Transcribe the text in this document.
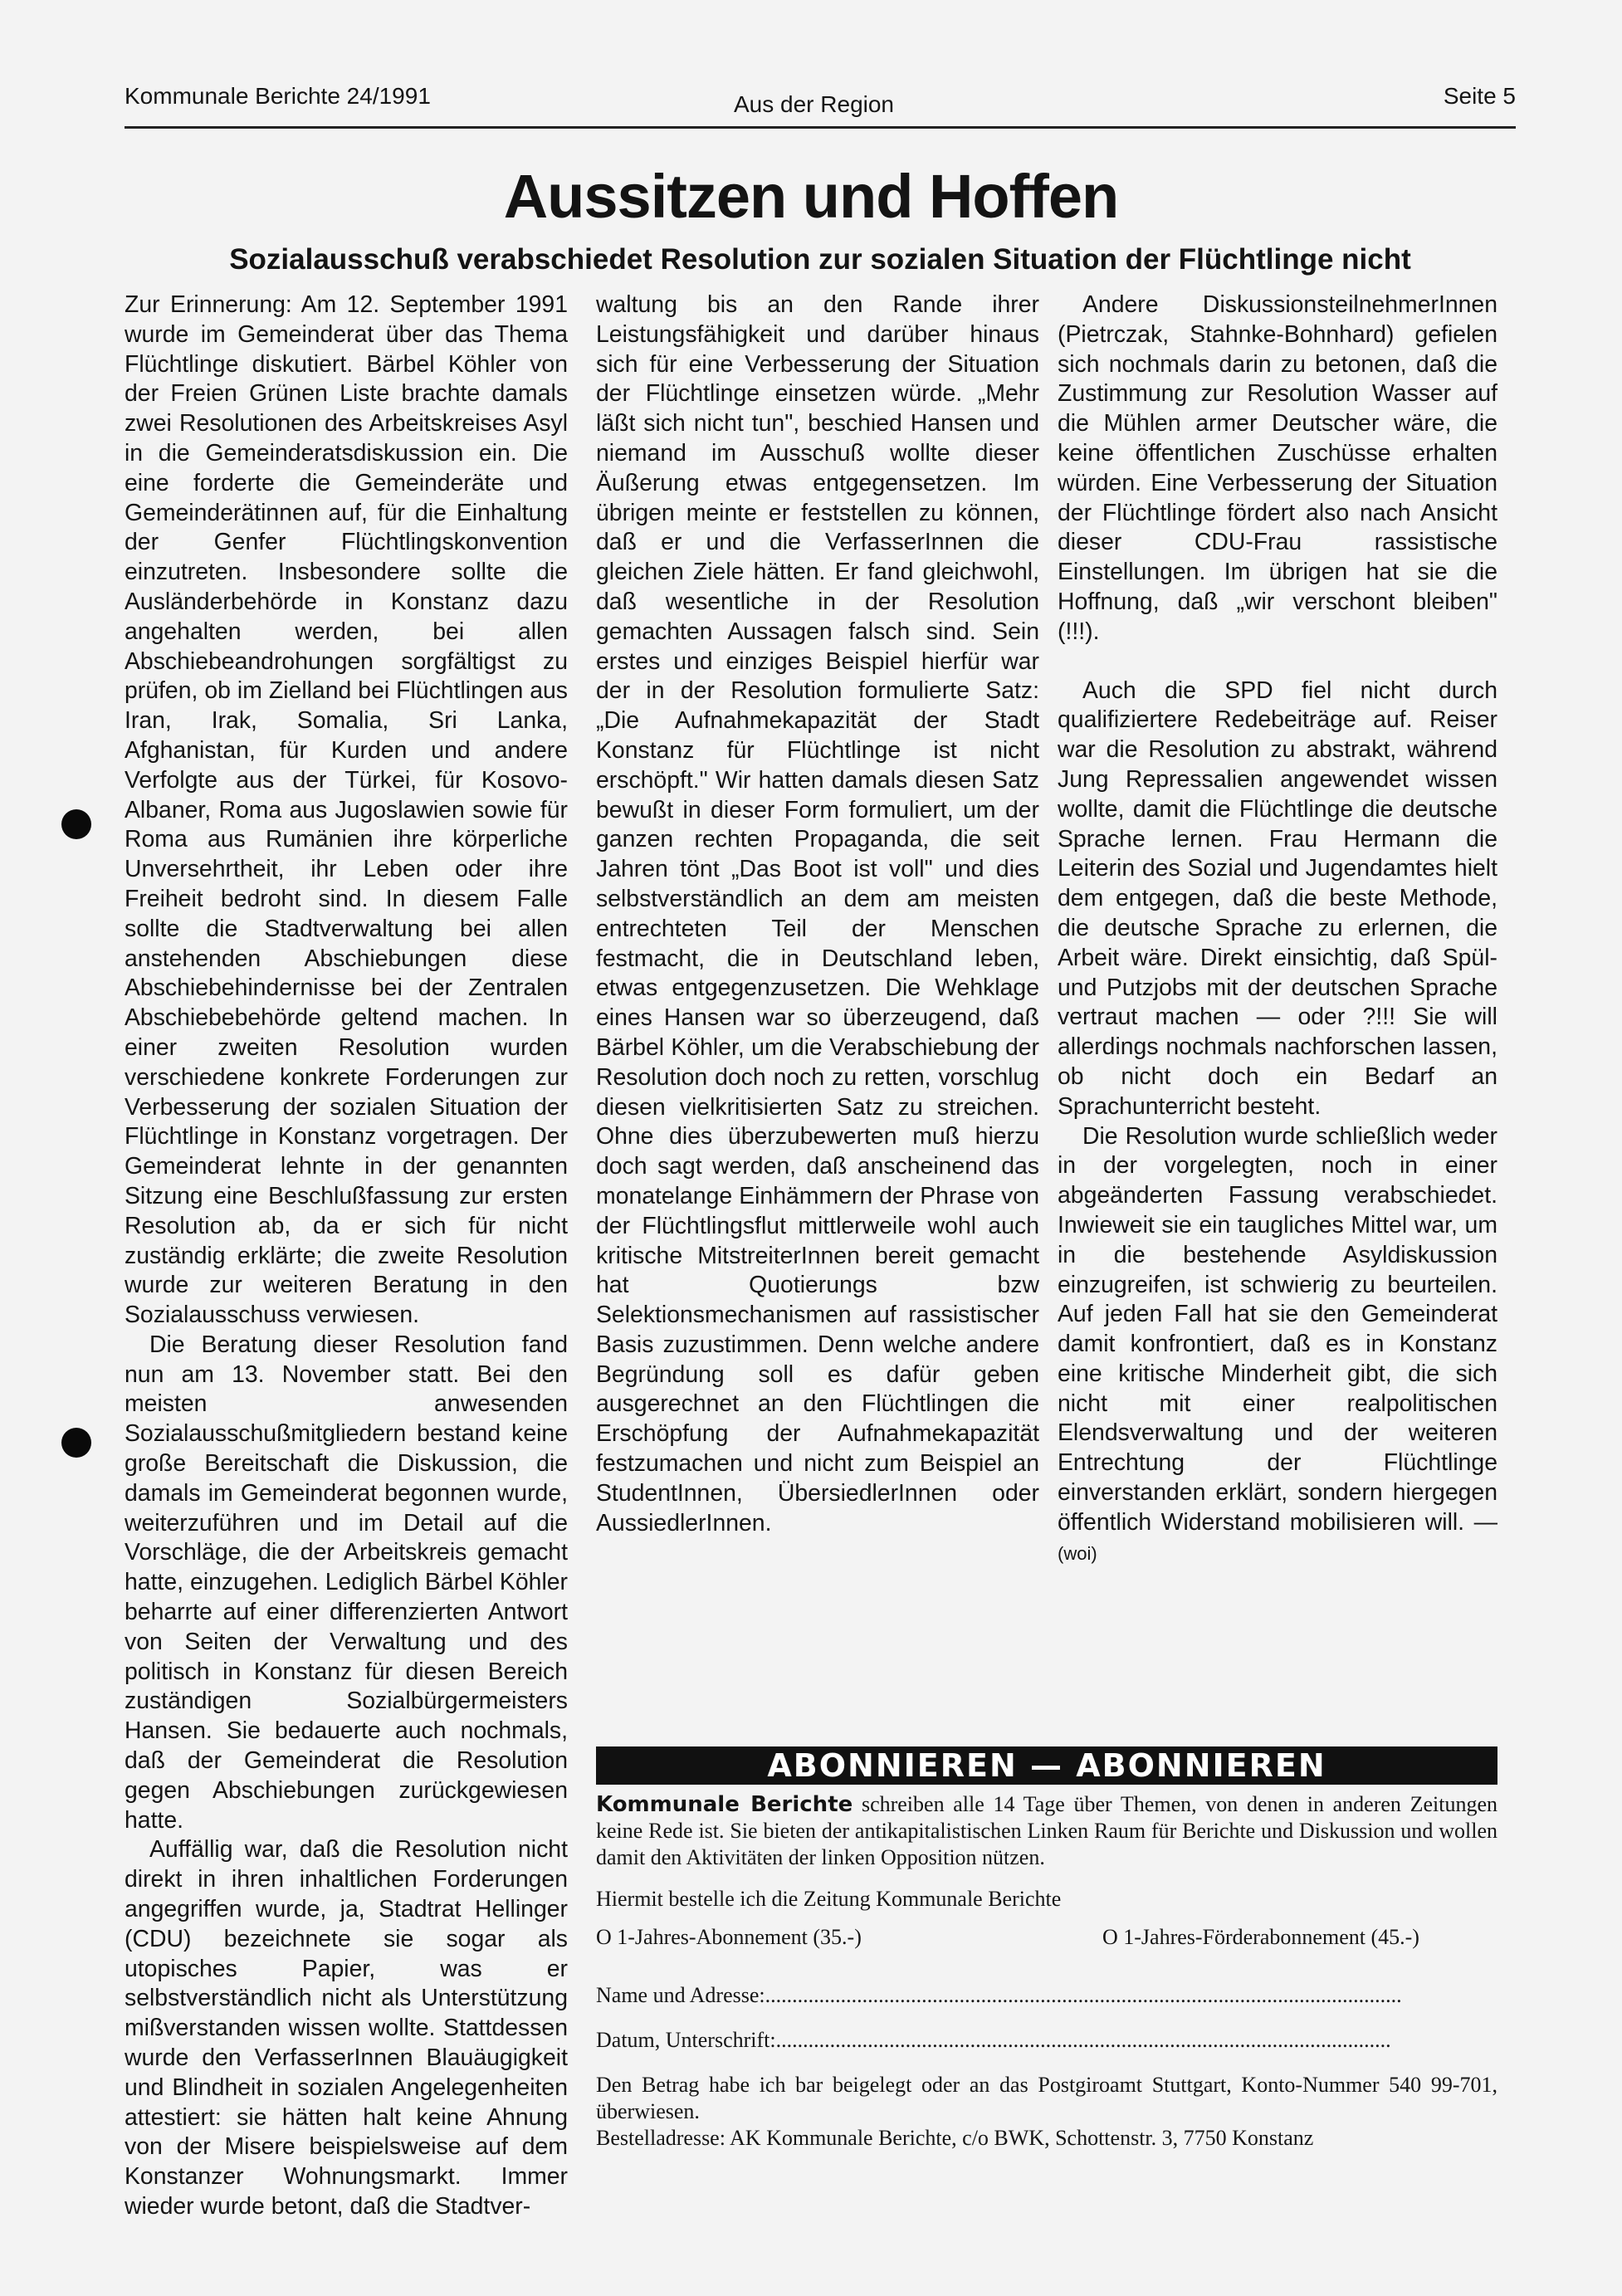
Kommunale Berichte 24/1991	Aus der Region	Seite 5
Aussitzen und Hoffen
Sozialausschuß verabschiedet Resolution zur sozialen Situation der Flüchtlinge nicht

Zur Erinnerung: Am 12. September 1991 wurde im Gemeinderat über das Thema Flüchtlinge diskutiert. Bärbel Köhler von der Freien Grünen Liste brachte damals zwei Resolutionen des Arbeitskreises Asyl in die Gemeinderatsdiskussion ein. Die eine forderte die Gemeinderäte und Gemeinderätinnen auf, für die Einhaltung der Genfer Flüchtlingskonvention einzutreten. Insbesondere sollte die Ausländerbehörde in Konstanz dazu angehalten werden, bei allen Abschiebeandrohungen sorgfältigst zu prüfen, ob im Zielland bei Flüchtlingen aus Iran, Irak, Somalia, Sri Lanka, Afghanistan, für Kurden und andere Verfolgte aus der Türkei, für Kosovo-Albaner, Roma aus Jugoslawien sowie für Roma aus Rumänien ihre körperliche Unversehrtheit, ihr Leben oder ihre Freiheit bedroht sind. In diesem Falle sollte die Stadtverwaltung bei allen anstehenden Abschiebungen diese Abschiebehindernisse bei der Zentralen Abschiebebehörde geltend machen. In einer zweiten Resolution wurden verschiedene konkrete Forderungen zur Verbesserung der sozialen Situation der Flüchtlinge in Konstanz vorgetragen. Der Gemeinderat lehnte in der genannten Sitzung eine Beschlußfassung zur ersten Resolution ab, da er sich für nicht zuständig erklärte; die zweite Resolution wurde zur weiteren Beratung in den Sozialausschuss verwiesen.

Die Beratung dieser Resolution fand nun am 13. November statt. Bei den meisten anwesenden Sozialausschußmitgliedern bestand keine große Bereitschaft die Diskussion, die damals im Gemeinderat begonnen wurde, weiterzuführen und im Detail auf die Vorschläge, die der Arbeitskreis gemacht hatte, einzugehen. Lediglich Bärbel Köhler beharrte auf einer differenzierten Antwort von Seiten der Verwaltung und des politisch in Konstanz für diesen Bereich zuständigen Sozialbürgermeisters Hansen. Sie bedauerte auch nochmals, daß der Gemeinderat die Resolution gegen Abschiebungen zurückgewiesen hatte.

Auffällig war, daß die Resolution nicht direkt in ihren inhaltlichen Forderungen angegriffen wurde, ja, Stadtrat Hellinger (CDU) bezeichnete sie sogar als utopisches Papier, was er selbstverständlich nicht als Unterstützung mißverstanden wissen wollte. Stattdessen wurde den VerfasserInnen Blauäugigkeit und Blindheit in sozialen Angelegenheiten attestiert: sie hätten halt keine Ahnung von der Misere beispielsweise auf dem Konstanzer Wohnungsmarkt. Immer wieder wurde betont, daß die Stadtver-

waltung bis an den Rande ihrer Leistungsfähigkeit und darüber hinaus sich für eine Verbesserung der Situation der Flüchtlinge einsetzen würde. „Mehr läßt sich nicht tun", beschied Hansen und niemand im Ausschuß wollte dieser Äußerung etwas entgegensetzen. Im übrigen meinte er feststellen zu können, daß er und die VerfasserInnen die gleichen Ziele hätten. Er fand gleichwohl, daß wesentliche in der Resolution gemachten Aussagen falsch sind. Sein erstes und einziges Beispiel hierfür war der in der Resolution formulierte Satz: „Die Aufnahmekapazität der Stadt Konstanz für Flüchtlinge ist nicht erschöpft." Wir hatten damals diesen Satz bewußt in dieser Form formuliert, um der ganzen rechten Propaganda, die seit Jahren tönt „Das Boot ist voll" und dies selbstverständlich an dem am meisten entrechteten Teil der Menschen festmacht, die in Deutschland leben, etwas entgegenzusetzen. Die Wehklage eines Hansen war so überzeugend, daß Bärbel Köhler, um die Verabschiebung der Resolution doch noch zu retten, vorschlug diesen vielkritisierten Satz zu streichen. Ohne dies überzubewerten muß hierzu doch sagt werden, daß anscheinend das monatelange Einhämmern der Phrase von der Flüchtlingsflut mittlerweile wohl auch kritische MitstreiterInnen bereit gemacht hat Quotierungs bzw Selektionsmechanismen auf rassistischer Basis zuzustimmen. Denn welche andere Begründung soll es dafür geben ausgerechnet an den Flüchtlingen die Erschöpfung der Aufnahmekapazität festzumachen und nicht zum Beispiel an StudentInnen, ÜbersiedlerInnen oder AussiedlerInnen.

Andere DiskussionsteilnehmerInnen (Pietrczak, Stahnke-Bohnhard) gefielen sich nochmals darin zu betonen, daß die Zustimmung zur Resolution Wasser auf die Mühlen armer Deutscher wäre, die keine öffentlichen Zuschüsse erhalten würden. Eine Verbesserung der Situation der Flüchtlinge fördert also nach Ansicht dieser CDU-Frau rassistische Einstellungen. Im übrigen hat sie die Hoffnung, daß „wir verschont bleiben" (!!!).

Auch die SPD fiel nicht durch qualifiziertere Redebeiträge auf. Reiser war die Resolution zu abstrakt, während Jung Repressalien angewendet wissen wollte, damit die Flüchtlinge die deutsche Sprache lernen. Frau Hermann die Leiterin des Sozial und Jugendamtes hielt dem entgegen, daß die beste Methode, die deutsche Sprache zu erlernen, die Arbeit wäre. Direkt einsichtig, daß Spül- und Putzjobs mit der deutschen Sprache vertraut machen — oder ?!!! Sie will allerdings nochmals nachforschen lassen, ob nicht doch ein Bedarf an Sprachunterricht besteht.

Die Resolution wurde schließlich weder in der vorgelegten, noch in einer abgeänderten Fassung verabschiedet. Inwieweit sie ein taugliches Mittel war, um in die bestehende Asyldiskussion einzugreifen, ist schwierig zu beurteilen. Auf jeden Fall hat sie den Gemeinderat damit konfrontiert, daß es in Konstanz eine kritische Minderheit gibt, die sich nicht mit einer realpolitischen Elendsverwaltung und der weiteren Entrechtung der Flüchtlinge einverstanden erklärt, sondern hiergegen öffentlich Widerstand mobilisieren will. — (woi)

ABONNIEREN — ABONNIEREN

Kommunale Berichte schreiben alle 14 Tage über Themen, von denen in anderen Zeitungen keine Rede ist. Sie bieten der antikapitalistischen Linken Raum für Berichte und Diskussion und wollen damit den Aktivitäten der linken Opposition nützen.

Hiermit bestelle ich die Zeitung Kommunale Berichte

O 1-Jahres-Abonnement (35.-)	O 1-Jahres-Förderabonnement (45.-)

Name und Adresse:......................................................................................................................

Datum, Unterschrift:..................................................................................................................

Den Betrag habe ich bar beigelegt oder an das Postgiroamt Stuttgart, Konto-Nummer 540 99-701, überwiesen.

Bestelladresse: AK Kommunale Berichte, c/o BWK, Schottenstr. 3, 7750 Konstanz
